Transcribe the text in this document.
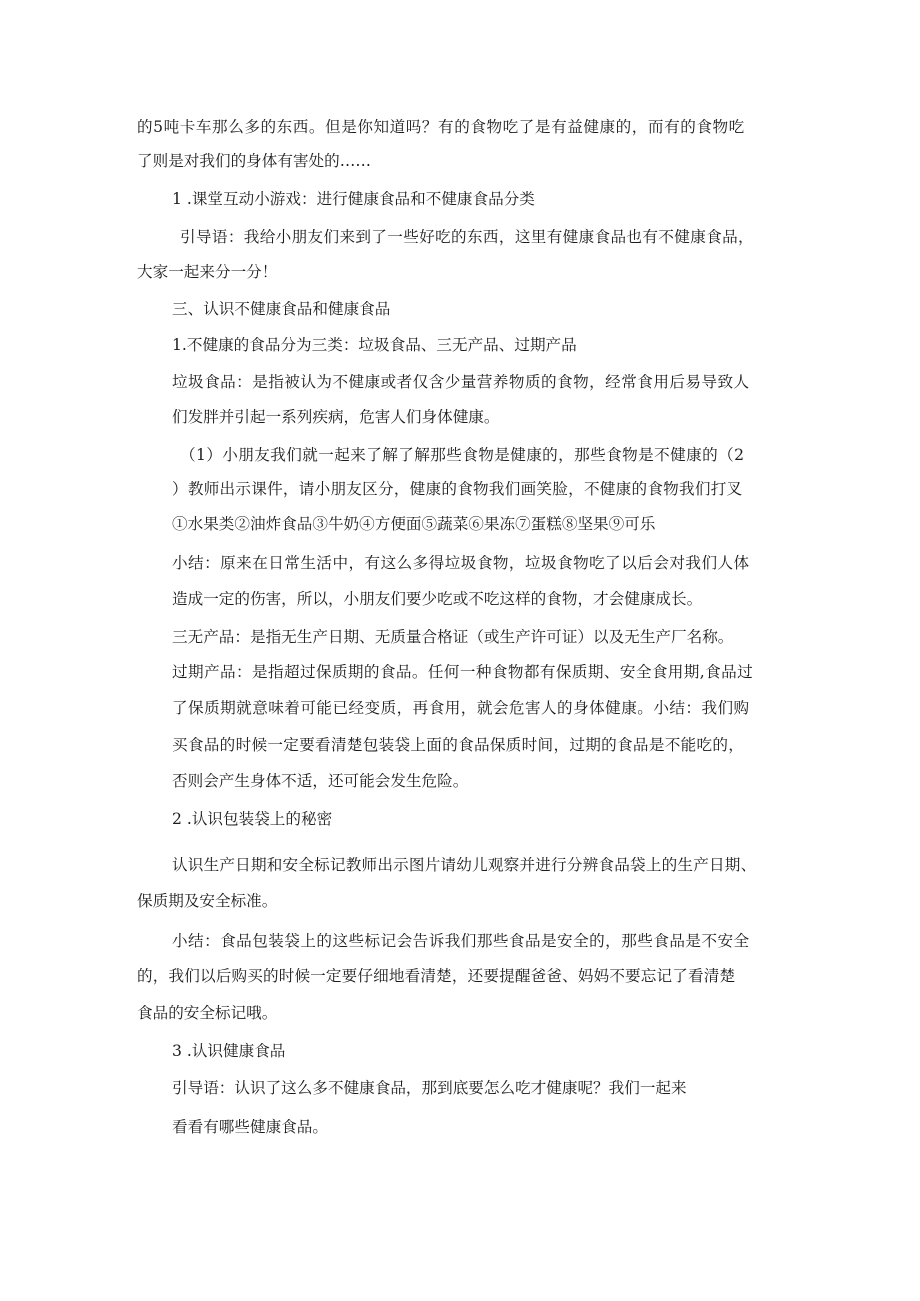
的5吨卡车那么多的东西。但是你知道吗？有的食物吃了是有益健康的，而有的食物吃
了则是对我们的身体有害处的……
1 .课堂互动小游戏：进行健康食品和不健康食品分类
引导语：我给小朋友们来到了一些好吃的东西，这里有健康食品也有不健康食品，
大家一起来分一分！
三、认识不健康食品和健康食品
1.不健康的食品分为三类：垃圾食品、三无产品、过期产品
垃圾食品：是指被认为不健康或者仅含少量营养物质的食物，经常食用后易导致人
们发胖并引起一系列疾病，危害人们身体健康。
（1）小朋友我们就一起来了解了解那些食物是健康的，那些食物是不健康的（2
）教师出示课件，请小朋友区分，健康的食物我们画笑脸，不健康的食物我们打叉
①水果类②油炸食品③牛奶④方便面⑤蔬菜⑥果冻⑦蛋糕⑧坚果⑨可乐
小结：原来在日常生活中，有这么多得垃圾食物，垃圾食物吃了以后会对我们人体
造成一定的伤害，所以，小朋友们要少吃或不吃这样的食物，才会健康成长。
三无产品：是指无生产日期、无质量合格证（或生产许可证）以及无生产厂名称。
过期产品：是指超过保质期的食品。任何一种食物都有保质期、安全食用期,食品过
了保质期就意味着可能已经变质，再食用，就会危害人的身体健康。小结：我们购
买食品的时候一定要看清楚包装袋上面的食品保质时间，过期的食品是不能吃的，
否则会产生身体不适，还可能会发生危险。
2 .认识包装袋上的秘密
认识生产日期和安全标记教师出示图片请幼儿观察并进行分辨食品袋上的生产日期、
保质期及安全标准。
小结：食品包装袋上的这些标记会告诉我们那些食品是安全的，那些食品是不安全
的，我们以后购买的时候一定要仔细地看清楚，还要提醒爸爸、妈妈不要忘记了看清楚
食品的安全标记哦。
3 .认识健康食品
引导语：认识了这么多不健康食品，那到底要怎么吃才健康呢？我们一起来
看看有哪些健康食品。
